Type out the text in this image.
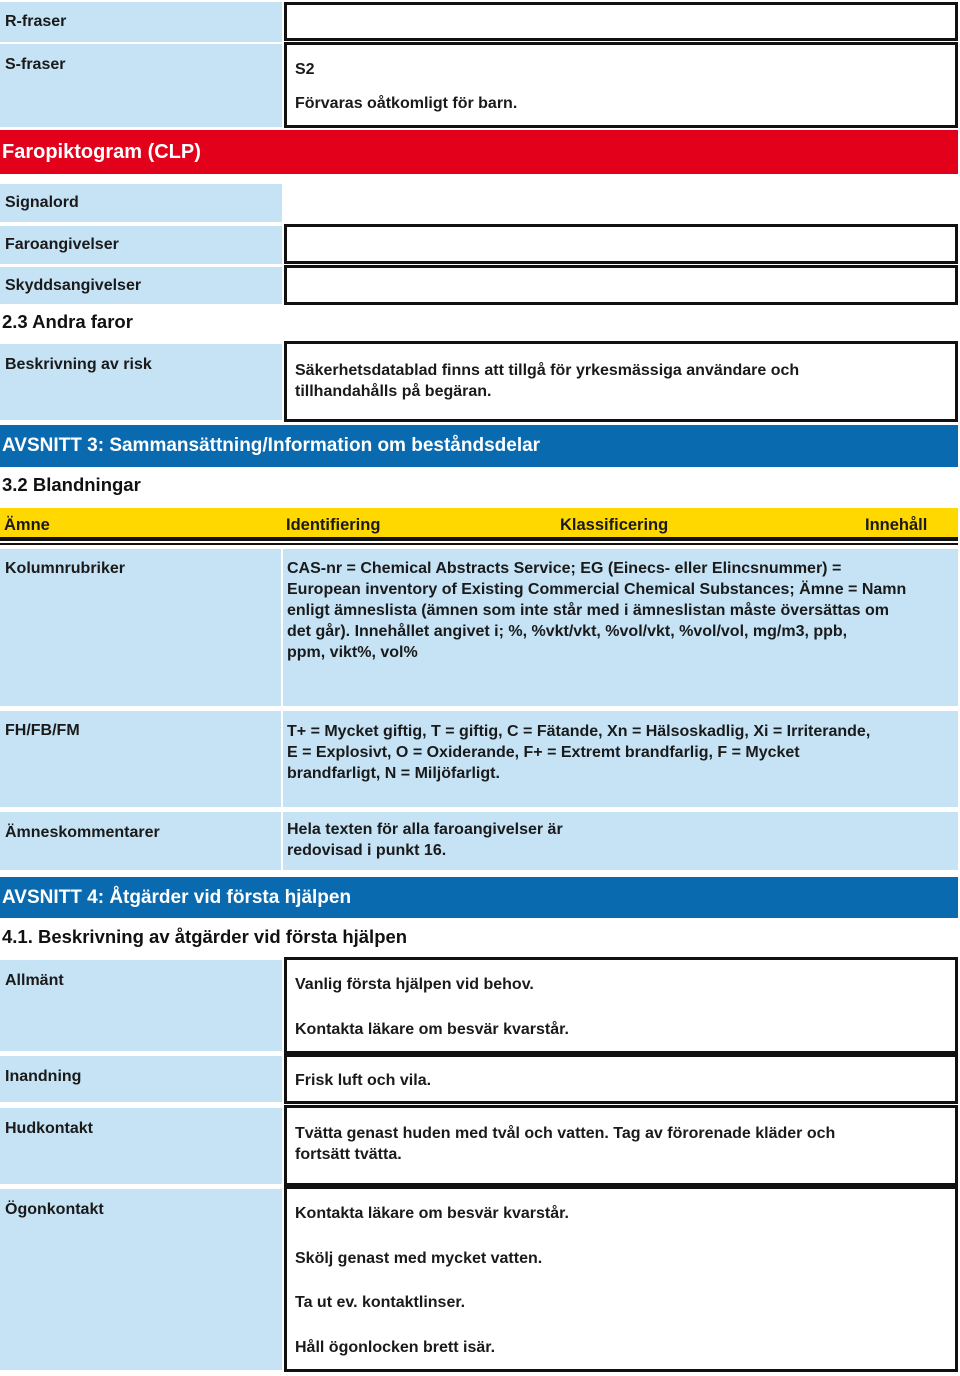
R-fraser
S-fraser	S2
Förvaras oåtkomligt för barn.
Faropiktogram (CLP)
Signalord
Faroangivelser
Skyddsangivelser
2.3 Andra faror
Beskrivning av risk	Säkerhetsdatablad finns att tillgå för yrkesmässiga användare och
tillhandahålls på begäran.
AVSNITT 3: Sammansättning/Information om beståndsdelar
3.2 Blandningar
Ämne	Identifiering	Klassificering	Innehåll
Kolumnrubriker	CAS-nr = Chemical Abstracts Service; EG (Einecs- eller Elincsnummer) =
European inventory of Existing Commercial Chemical Substances; Ämne = Namn
enligt ämneslista (ämnen som inte står med i ämneslistan måste översättas om
det går). Innehållet angivet i; %, %vkt/vkt, %vol/vkt, %vol/vol, mg/m3, ppb,
ppm, vikt%, vol%
FH/FB/FM	T+ = Mycket giftig, T = giftig, C = Fätande, Xn = Hälsoskadlig, Xi = Irriterande,
E = Explosivt, O = Oxiderande, F+ = Extremt brandfarlig, F = Mycket
brandfarligt, N = Miljöfarligt.
Ämneskommentarer	Hela texten för alla faroangivelser är
redovisad i punkt 16.
AVSNITT 4: Åtgärder vid första hjälpen
4.1. Beskrivning av åtgärder vid första hjälpen
Allmänt	Vanlig första hjälpen vid behov.
Kontakta läkare om besvär kvarstår.
Inandning	Frisk luft och vila.
Hudkontakt	Tvätta genast huden med tvål och vatten. Tag av förorenade kläder och
fortsätt tvätta.
Ögonkontakt	Kontakta läkare om besvär kvarstår.
Skölj genast med mycket vatten.
Ta ut ev. kontaktlinser.
Håll ögonlocken brett isär.
